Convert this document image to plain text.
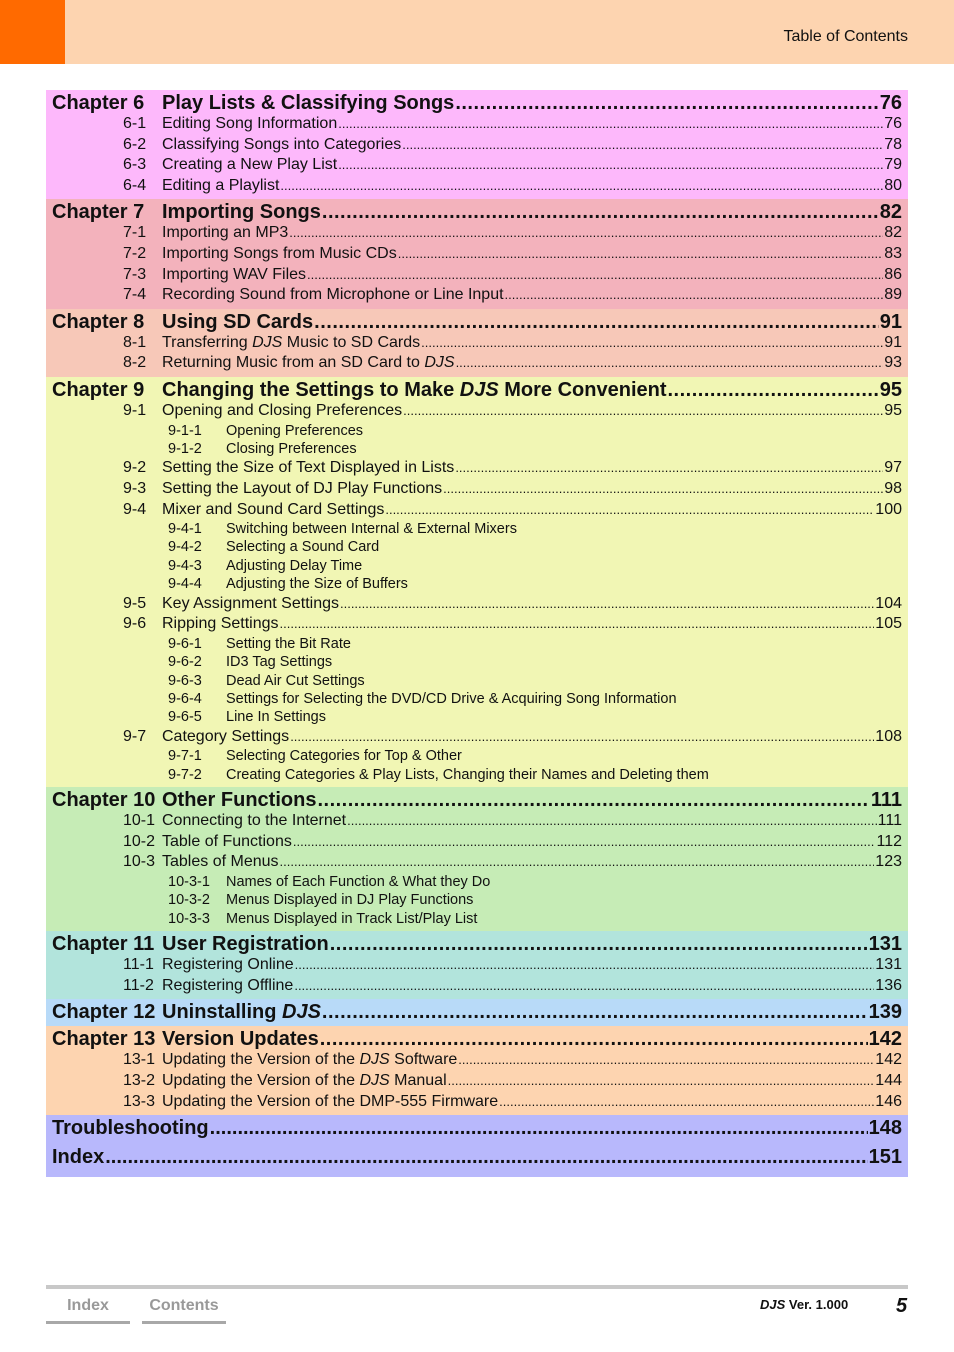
Table of Contents
Chapter 6 Play Lists & Classifying Songs .....	76
6-1 Editing Song Information .....	76
6-2 Classifying Songs into Categories .....	78
6-3 Creating a New Play List .....	79
6-4 Editing a Playlist .....	80
Chapter 7 Importing Songs .....	82
7-1 Importing an MP3 .....	82
7-2 Importing Songs from Music CDs .....	83
7-3 Importing WAV Files .....	86
7-4 Recording Sound from Microphone or Line Input .....	89
Chapter 8 Using SD Cards .....	91
8-1 Transferring DJS Music to SD Cards .....	91
8-2 Returning Music from an SD Card to DJS .....	93
Chapter 9 Changing the Settings to Make DJS More Convenient .....	95
9-1 Opening and Closing Preferences .....	95
9-1-1	Opening Preferences
9-1-2	Closing Preferences
9-2 Setting the Size of Text Displayed in Lists .....	97
9-3 Setting the Layout of DJ Play Functions .....	98
9-4 Mixer and Sound Card Settings .....	100
9-4-1	Switching between Internal & External Mixers
9-4-2	Selecting a Sound Card
9-4-3	Adjusting Delay Time
9-4-4	Adjusting the Size of Buffers
9-5 Key Assignment Settings .....	104
9-6 Ripping Settings .....	105
9-6-1	Setting the Bit Rate
9-6-2	ID3 Tag Settings
9-6-3	Dead Air Cut Settings
9-6-4	Settings for Selecting the DVD/CD Drive & Acquiring Song Information
9-6-5	Line In Settings
9-7 Category Settings .....	108
9-7-1	Selecting Categories for Top & Other
9-7-2	Creating Categories & Play Lists, Changing their Names and Deleting them
Chapter 10 Other Functions .....	111
10-1 Connecting to the Internet .....	111
10-2 Table of Functions .....	112
10-3 Tables of Menus .....	123
10-3-1	Names of Each Function & What they Do
10-3-2	Menus Displayed in DJ Play Functions
10-3-3	Menus Displayed in Track List/Play List
Chapter 11 User Registration .....	131
11-1 Registering Online .....	131
11-2 Registering Offline .....	136
Chapter 12 Uninstalling DJS .....	139
Chapter 13 Version Updates .....	142
13-1 Updating the Version of the DJS Software .....	142
13-2 Updating the Version of the DJS Manual .....	144
13-3 Updating the Version of the DMP-555 Firmware .....	146
Troubleshooting .....	148
Index .....	151
Index	Contents	DJS Ver. 1.000 5
